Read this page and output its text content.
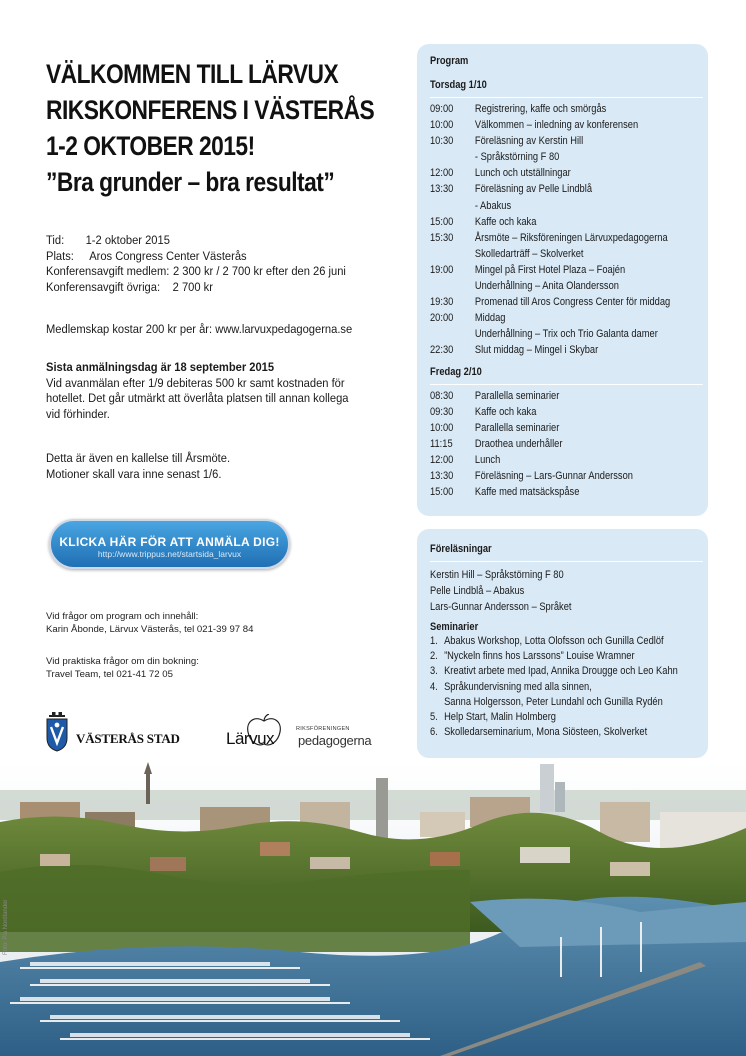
VÄLKOMMEN TILL LÄRVUX
RIKSKONFERENS I VÄSTERÅS
1-2 OKTOBER 2015!
”Bra grunder – bra resultat”
Tid: 1-2 oktober 2015
Plats: Aros Congress Center Västerås
Konferensavgift medlem: 2 300 kr / 2 700 kr efter den 26 juni
Konferensavgift övriga: 2 700 kr
Medlemskap kostar 200 kr per år: www.larvuxpedagogerna.se
Sista anmälningsdag är 18 september 2015
Vid avanmälan efter 1/9 debiteras 500 kr samt kostnaden för
hotellet. Det går utmärkt att överlåta platsen till annan kollega
vid förhinder.
Detta är även en kallelse till Årsmöte.
Motioner skall vara inne senast 1/6.
KLICKA HÄR FÖR ATT ANMÄLA DIG!
http://www.trippus.net/startsida_larvux
Vid frågor om program och innehåll:
Karin Åbonde, Lärvux Västerås, tel 021-39 97 84
Vid praktiska frågor om din bokning:
Travel Team, tel 021-41 72 05
VÄSTERÅS STAD	Lärvux	RIKSFÖRENINGEN
pedagogerna
Program
Torsdag 1/10
09:00 Registrering, kaffe och smörgås
10:00 Välkommen – inledning av konferensen
10:30 Föreläsning av Kerstin Hill
- Språkstörning F 80
12:00 Lunch och utställningar
13:30 Föreläsning av Pelle Lindblå
- Abakus
15:00 Kaffe och kaka
15:30 Årsmöte – Riksföreningen Lärvuxpedagogerna
Skolledarträff – Skolverket
19:00 Mingel på First Hotel Plaza – Foajén
Underhållning – Anita Olandersson
19:30 Promenad till Aros Congress Center för middag
20:00 Middag
Underhållning – Trix och Trio Galanta damer
22:30 Slut middag – Mingel i Skybar
Fredag 2/10
08:30 Parallella seminarier
09:30 Kaffe och kaka
10:00 Parallella seminarier
11:15 Draothea underhåller
12:00 Lunch
13:30 Föreläsning – Lars-Gunnar Andersson
15:00 Kaffe med matsäckspåse
Föreläsningar
Kerstin Hill – Språkstörning F 80
Pelle Lindblå – Abakus
Lars-Gunnar Andersson – Språket
Seminarier
1. Abakus Workshop, Lotta Olofsson och Gunilla Cedlöf
2. ”Nyckeln finns hos Larssons” Louise Wramner
3. Kreativt arbete med Ipad, Annika Drougge och Leo Kahn
4. Språkundervisning med alla sinnen,
Sanna Holgersson, Peter Lundahl och Gunilla Rydén
5. Help Start, Malin Holmberg
6. Skolledarseminarium, Mona Siösteen, Skolverket
Foto: Pia Nordlander
